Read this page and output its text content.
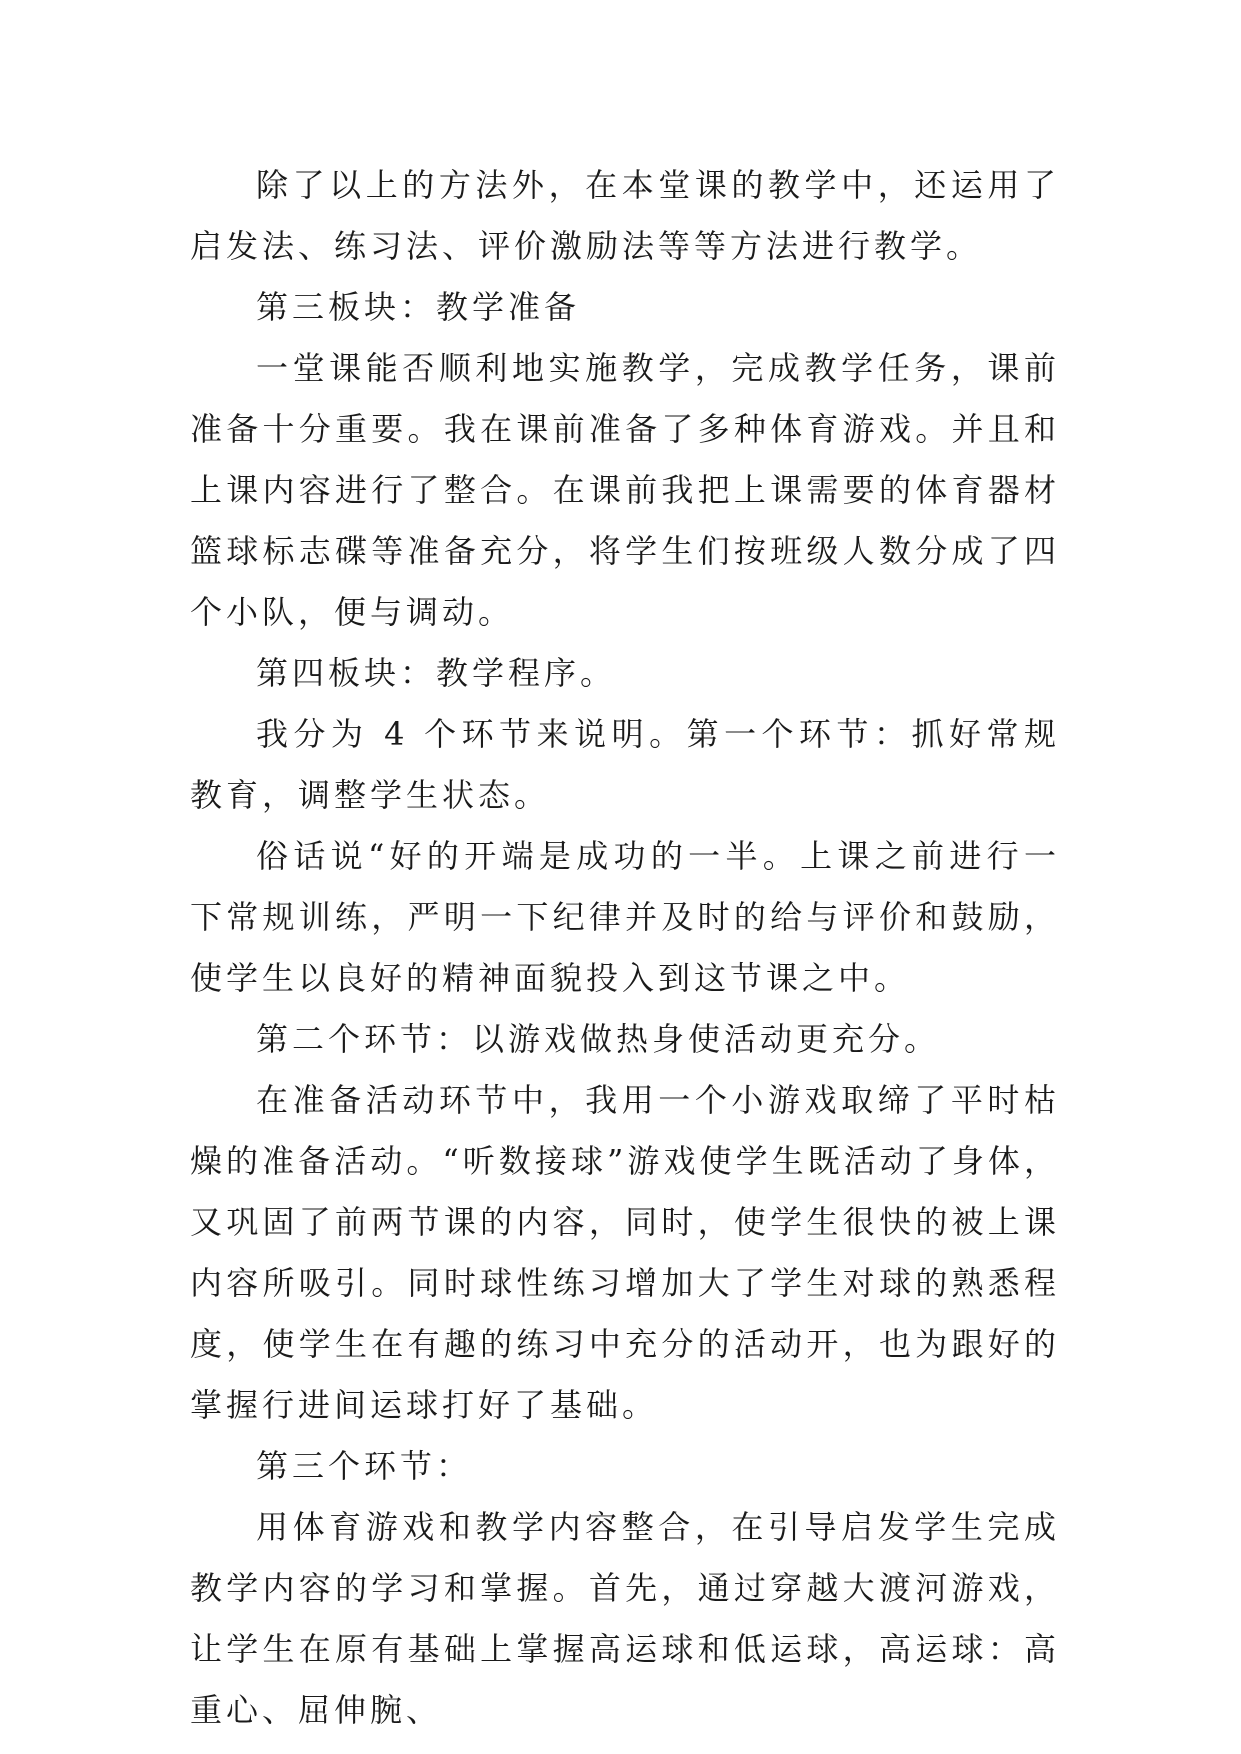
除了以上的方法外，在本堂课的教学中，还运用了启发法、练习法、评价激励法等等方法进行教学。

第三板块：教学准备

一堂课能否顺利地实施教学，完成教学任务，课前准备十分重要。我在课前准备了多种体育游戏。并且和上课内容进行了整合。在课前我把上课需要的体育器材篮球标志碟等准备充分，将学生们按班级人数分成了四个小队，便与调动。

第四板块：教学程序。

我分为 4 个环节来说明。第一个环节：抓好常规教育，调整学生状态。

俗话说“好的开端是成功的一半。上课之前进行一下常规训练，严明一下纪律并及时的给与评价和鼓励，使学生以良好的精神面貌投入到这节课之中。

第二个环节：以游戏做热身使活动更充分。

在准备活动环节中，我用一个小游戏取缔了平时枯燥的准备活动。“听数接球”游戏使学生既活动了身体，又巩固了前两节课的内容，同时，使学生很快的被上课内容所吸引。同时球性练习增加大了学生对球的熟悉程度，使学生在有趣的练习中充分的活动开，也为跟好的掌握行进间运球打好了基础。

第三个环节：

用体育游戏和教学内容整合，在引导启发学生完成教学内容的学习和掌握。首先，通过穿越大渡河游戏，让学生在原有基础上掌握高运球和低运球，高运球：高重心、屈伸腕、
